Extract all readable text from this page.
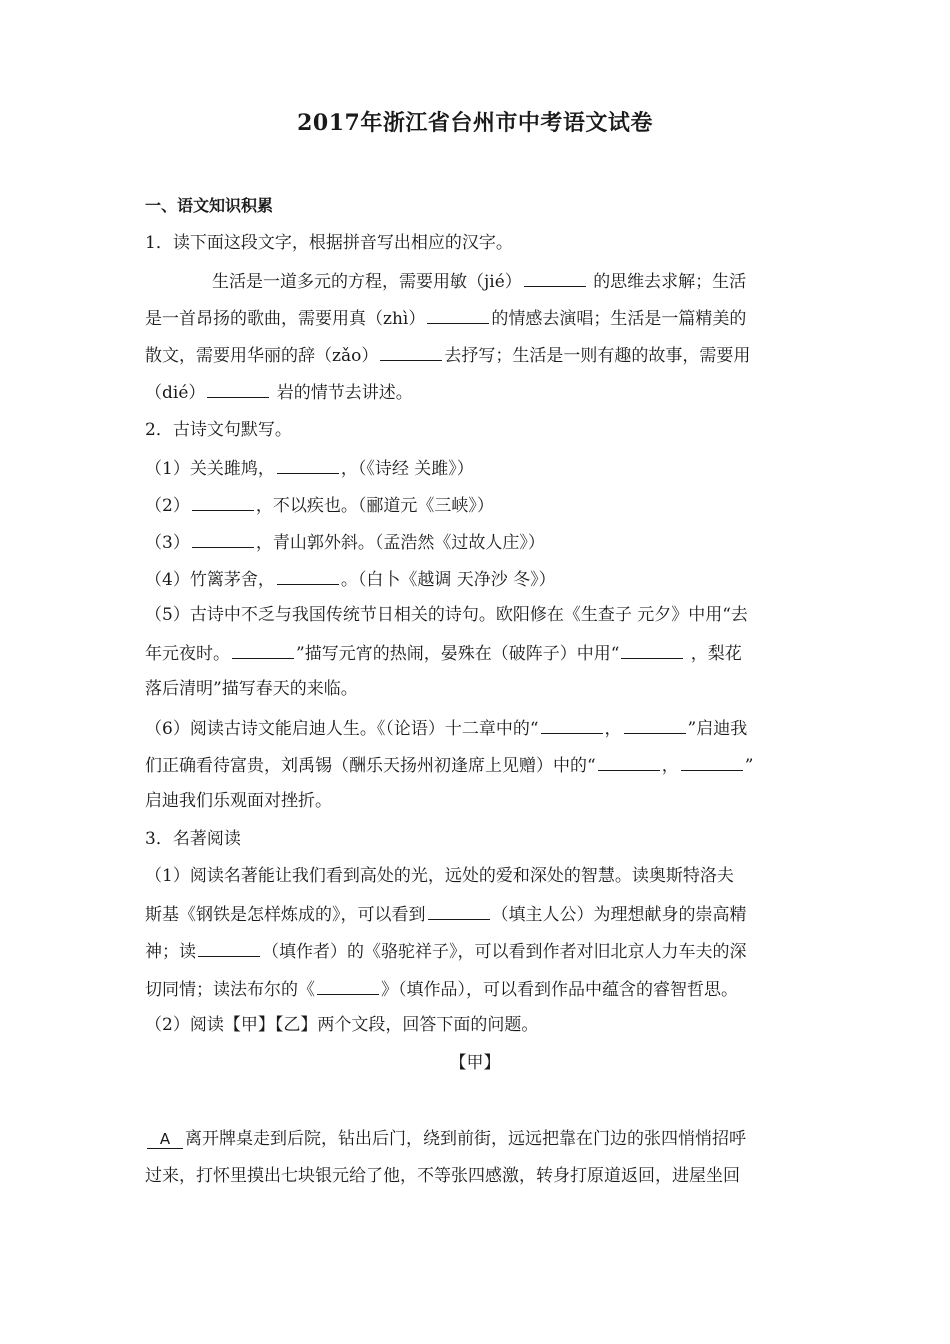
2017年浙江省台州市中考语文试卷
一、语文知识积累
1．读下面这段文字，根据拼音写出相应的汉字。
生活是一道多元的方程，需要用敏（jié）	的思维去求解；生活
是一首昂扬的歌曲，需要用真（zhì）	的情感去演唱；生活是一篇精美的
散文，需要用华丽的辞（zǎo）	去抒写；生活是一则有趣的故事，需要用
（dié）	岩的情节去讲述。
2．古诗文句默写。
（1）关关雎鸠，	，（《诗经 关雎》）
（2）	，不以疾也。（郦道元《三峡》）
（3）	，青山郭外斜。（孟浩然《过故人庄》）
（4）竹篱茅舍，	。（白卜《越调 天净沙 冬》）
（5）古诗中不乏与我国传统节日相关的诗句。欧阳修在《生查子 元夕》中用“去
年元夜时。	”描写元宵的热闹，晏殊在（破阵子）中用“	，梨花
落后清明”描写春天的来临。
（6）阅读古诗文能启迪人生。《（论语）十二章中的“	，	”启迪我
们正确看待富贵，刘禹锡（酬乐天扬州初逢席上见赠）中的“	，	”
启迪我们乐观面对挫折。
3．名著阅读
（1）阅读名著能让我们看到高处的光，远处的爱和深处的智慧。读奥斯特洛夫
斯基《钢铁是怎样炼成的》，可以看到	（填主人公）为理想献身的崇高精
神；读	（填作者）的《骆驼祥子》，可以看到作者对旧北京人力车夫的深
切同情；读法布尔的《	》（填作品），可以看到作品中蕴含的睿智哲思。
（2）阅读【甲】【乙】两个文段，回答下面的问题。
【甲】
A 离开牌桌走到后院，钻出后门，绕到前街，远远把靠在门边的张四悄悄招呼
过来，打怀里摸出七块银元给了他，不等张四感激，转身打原道返回，进屋坐回
